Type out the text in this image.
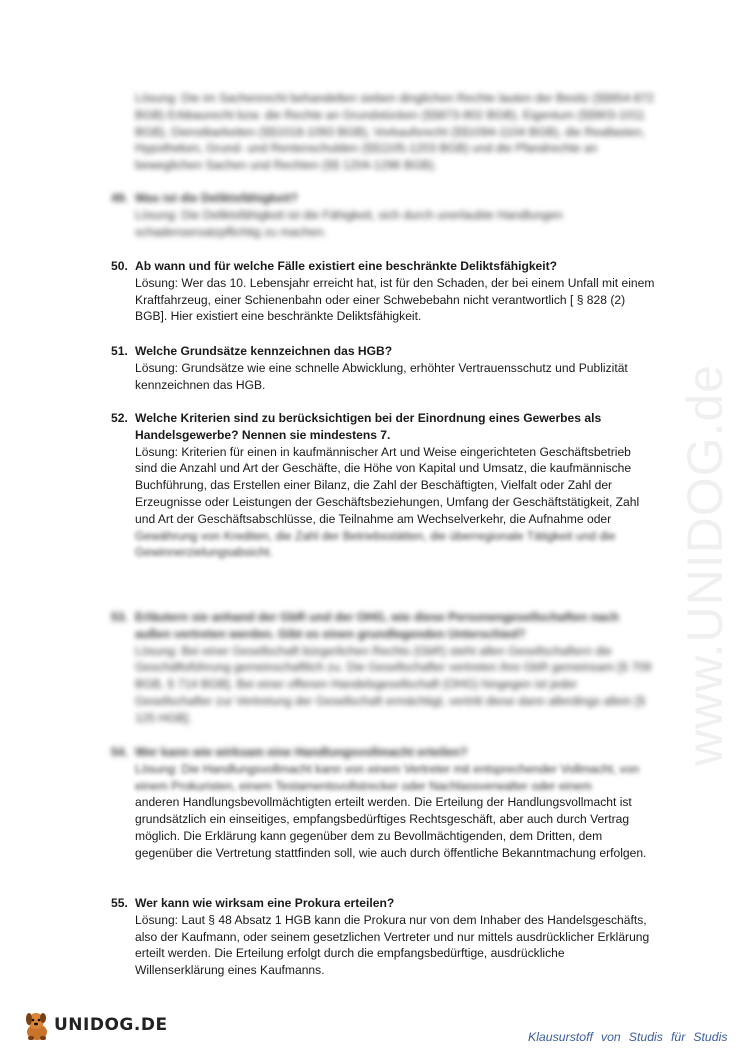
www.UNIDOG.de
Lösung: Die im Sachenrecht behandelten sieben dinglichen Rechte lauten der Besitz (§§854-872 BGB) Erbbaurecht bzw. die Rechte an Grundstücken (§§873-902 BGB), Eigentum (§§903-1011 BGB), Dienstbarkeiten (§§1018-1093 BGB), Vorkaufsrecht (§§1094-1104 BGB), die Reallasten, Hypotheken, Grund- und Rentenschulden (§§1105-1203 BGB) und die Pfandrechte an beweglichen Sachen und Rechten (§§ 1204-1296 BGB).
49. Was ist die Deliktsfähigkeit?
Lösung: Die Deliktsfähigkeit ist die Fähigkeit, sich durch unerlaubte Handlungen schadensersatzpflichtig zu machen.
50. Ab wann und für welche Fälle existiert eine beschränkte Deliktsfähigkeit?
Lösung: Wer das 10. Lebensjahr erreicht hat, ist für den Schaden, der bei einem Unfall mit einem Kraftfahrzeug, einer Schienenbahn oder einer Schwebebahn nicht verantwortlich [ § 828 (2) BGB]. Hier existiert eine beschränkte Deliktsfähigkeit.
51. Welche Grundsätze kennzeichnen das HGB?
Lösung: Grundsätze wie eine schnelle Abwicklung, erhöhter Vertrauensschutz und Publizität kennzeichnen das HGB.
52. Welche Kriterien sind zu berücksichtigen bei der Einordnung eines Gewerbes als Handelsgewerbe? Nennen sie mindestens 7.
Lösung: Kriterien für einen in kaufmännischer Art und Weise eingerichteten Geschäftsbetrieb sind die Anzahl und Art der Geschäfte, die Höhe von Kapital und Umsatz, die kaufmännische Buchführung, das Erstellen einer Bilanz, die Zahl der Beschäftigten, Vielfalt oder Zahl der Erzeugnisse oder Leistungen der Geschäftsbeziehungen, Umfang der Geschäftstätigkeit, Zahl und Art der Geschäftsabschlüsse, die Teilnahme am Wechselverkehr, die Aufnahme oder
Gewährung von Krediten, die Zahl der Betriebsstätten, die überregionale Tätigkeit und die Gewinnerzielungsabsicht.
53. Erläutern sie anhand der GbR und der OHG, wie diese Personengesellschaften nach außen vertreten werden. Gibt es einen grundlegenden Unterschied?
Lösung: Bei einer Gesellschaft bürgerlichen Rechts (GbR) steht allen Gesellschaftern die Geschäftsführung gemeinschaftlich zu. Die Gesellschafter vertreten ihre GbR gemeinsam [§ 709 BGB, § 714 BGB]. Bei einer offenen Handelsgesellschaft (OHG) hingegen ist jeder Gesellschafter zur Vertretung der Gesellschaft ermächtigt, vertritt diese dann allerdings allein [§ 125 HGB].
54. Wer kann wie wirksam eine Handlungsvollmacht erteilen?
Lösung: Die Handlungsvollmacht kann von einem Vertreter mit entsprechender Vollmacht, von einem Prokuristen, einem Testamentsvollstrecker oder Nachlassverwalter oder einem
anderen Handlungsbevollmächtigten erteilt werden. Die Erteilung der Handlungsvollmacht ist grundsätzlich ein einseitiges, empfangsbedürftiges Rechtsgeschäft, aber auch durch Vertrag möglich. Die Erklärung kann gegenüber dem zu Bevollmächtigenden, dem Dritten, dem gegenüber die Vertretung stattfinden soll, wie auch durch öffentliche Bekanntmachung erfolgen.
55. Wer kann wie wirksam eine Prokura erteilen?
Lösung: Laut § 48 Absatz 1 HGB kann die Prokura nur von dem Inhaber des Handelsgeschäfts, also der Kaufmann, oder seinem gesetzlichen Vertreter und nur mittels ausdrücklicher Erklärung erteilt werden. Die Erteilung erfolgt durch die empfangsbedürftige, ausdrückliche Willenserklärung eines Kaufmanns.
UNIDOG.DE
Klausurstoff von Studis für Studis
